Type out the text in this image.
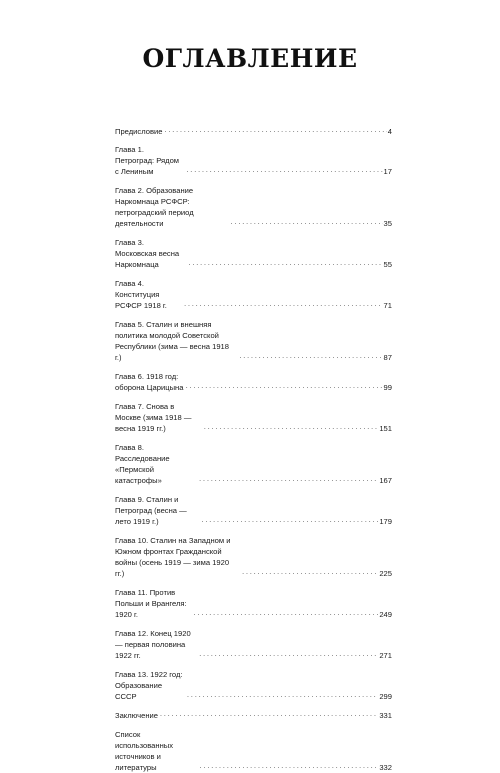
ОГЛАВЛЕНИЕ
Предисловие . . .	4
Глава 1. Петроград: Рядом с Лениным . . .	17
Глава 2. Образование Наркомнаца РСФСР: петроградский период деятельности . . .	35
Глава 3. Московская весна Наркомнаца . . .	55
Глава 4. Конституция РСФСР 1918 г. . . .	71
Глава 5. Сталин и внешняя политика молодой Советской Республики (зима — весна 1918 г.) . . .	87
Глава 6. 1918 год: оборона Царицына . . .	99
Глава 7. Снова в Москве (зима 1918 — весна 1919 гг.) . . .	151
Глава 8. Расследование «Пермской катастрофы» . . .	167
Глава 9. Сталин и Петроград (весна — лето 1919 г.) . . .	179
Глава 10. Сталин на Западном и Южном фронтах Гражданской войны (осень 1919 — зима 1920 гг.) . . .	225
Глава 11. Против Польши и Врангеля: 1920 г. . . .	249
Глава 12. Конец 1920 — первая половина 1922 гг. . . .	271
Глава 13. 1922 год: Образование СССР . . .	299
Заключение . . .	331
Список использованных источников и литературы . . .	332
